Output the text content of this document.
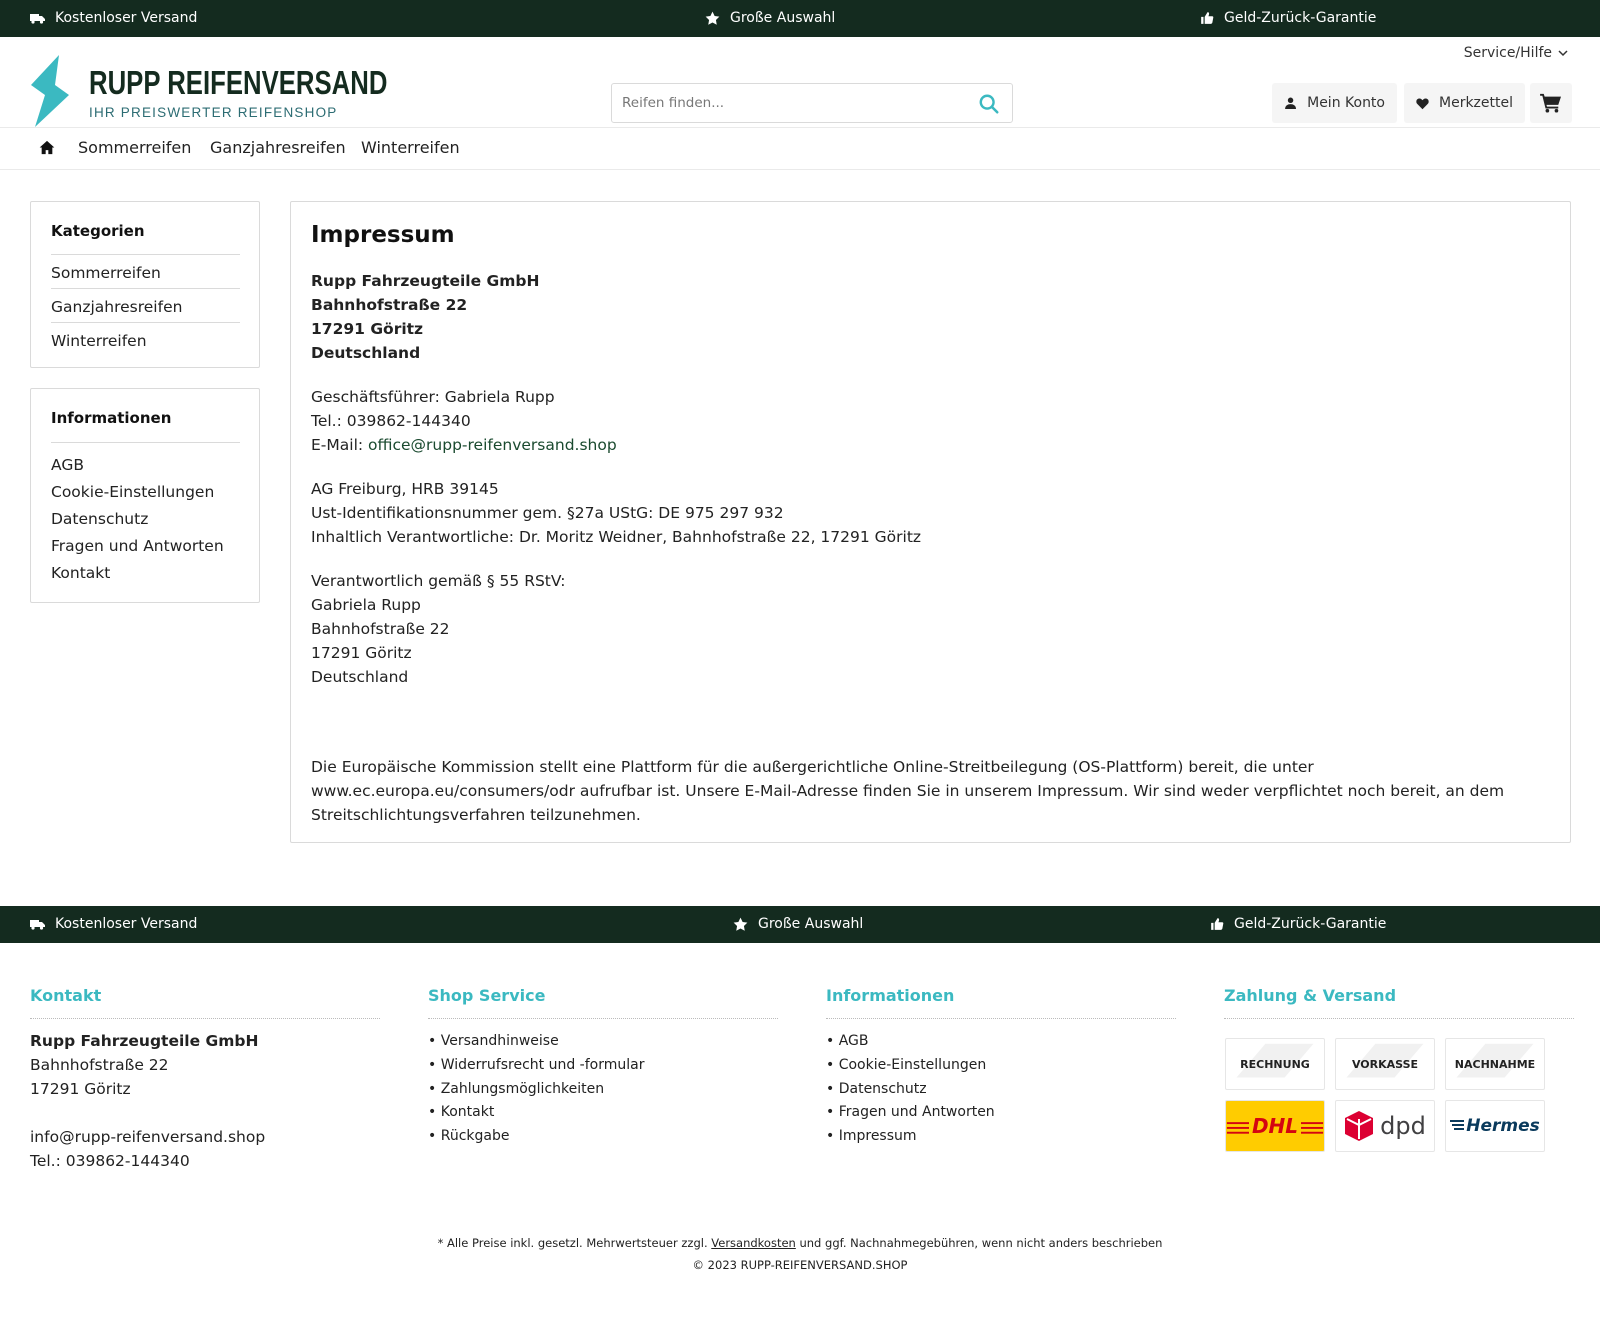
Kostenloser Versand	Große Auswahl	Geld-Zurück-Garantie
Service/Hilfe
RUPP REIFENVERSAND
IHR PREISWERTER REIFENSHOP
Reifen finden...
Mein Konto	Merkzettel
Sommerreifen Ganzjahresreifen Winterreifen
Kategorien
Sommerreifen
Ganzjahresreifen
Winterreifen
Informationen
AGB
Cookie-Einstellungen
Datenschutz
Fragen und Antworten
Kontakt
Impressum
Rupp Fahrzeugteile GmbH
Bahnhofstraße 22
17291 Göritz
Deutschland
Geschäftsführer: Gabriela Rupp
Tel.: 039862-144340
E-Mail: office@rupp-reifenversand.shop
AG Freiburg, HRB 39145
Ust-Identifikationsnummer gem. §27a UStG: DE 975 297 932
Inhaltlich Verantwortliche: Dr. Moritz Weidner, Bahnhofstraße 22, 17291 Göritz
Verantwortlich gemäß § 55 RStV:
Gabriela Rupp
Bahnhofstraße 22
17291 Göritz
Deutschland

Die Europäische Kommission stellt eine Plattform für die außergerichtliche Online-Streitbeilegung (OS-Plattform) bereit, die unter www.ec.europa.eu/consumers/odr aufrufbar ist. Unsere E-Mail-Adresse finden Sie in unserem Impressum. Wir sind weder verpflichtet noch bereit, an dem Streitschlichtungsverfahren teilzunehmen.

Kostenloser Versand	Große Auswahl	Geld-Zurück-Garantie
Kontakt
Rupp Fahrzeugteile GmbH
Bahnhofstraße 22
17291 Göritz
info@rupp-reifenversand.shop
Tel.: 039862-144340
Shop Service
• Versandhinweise
• Widerrufsrecht und -formular
• Zahlungsmöglichkeiten
• Kontakt
• Rückgabe
Informationen
• AGB
• Cookie-Einstellungen
• Datenschutz
• Fragen und Antworten
• Impressum
Zahlung & Versand
RECHNUNG	VORKASSE	NACHNAHME
DHL	dpd Hermes
* Alle Preise inkl. gesetzl. Mehrwertsteuer zzgl. Versandkosten und ggf. Nachnahmegebühren, wenn nicht anders beschrieben
© 2023 RUPP-REIFENVERSAND.SHOP
